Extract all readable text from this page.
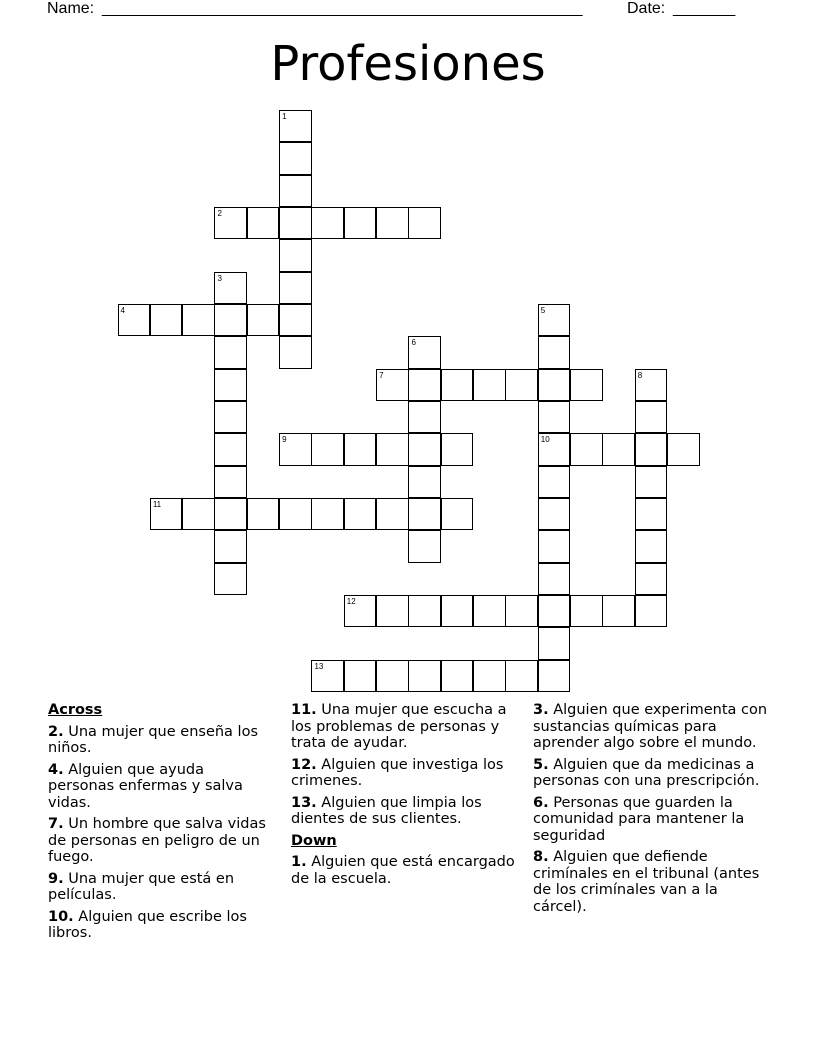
Name: ______________________________________________________	Date: _______
Profesiones
1
2
3
4	5
10
6
7	8
9
11
12
13
Across
2. Una mujer que enseña los niños.
4. Alguien que ayuda personas enfermas y salva vidas.
7. Un hombre que salva vidas de personas en peligro de un fuego.
9. Una mujer que está en películas.
10. Alguien que escribe los libros.
11. Una mujer que escucha a los problemas de personas y trata de ayudar.
12. Alguien que investiga los crimenes.
13. Alguien que limpia los dientes de sus clientes.
Down
1. Alguien que está encargado de la escuela.
3. Alguien que experimenta con sustancias químicas para aprender algo sobre el mundo.
5. Alguien que da medicinas a personas con una prescripción.
6. Personas que guarden la comunidad para mantener la seguridad
8. Alguien que defiende crimínales en el tribunal (antes de los crimínales van a la cárcel).
